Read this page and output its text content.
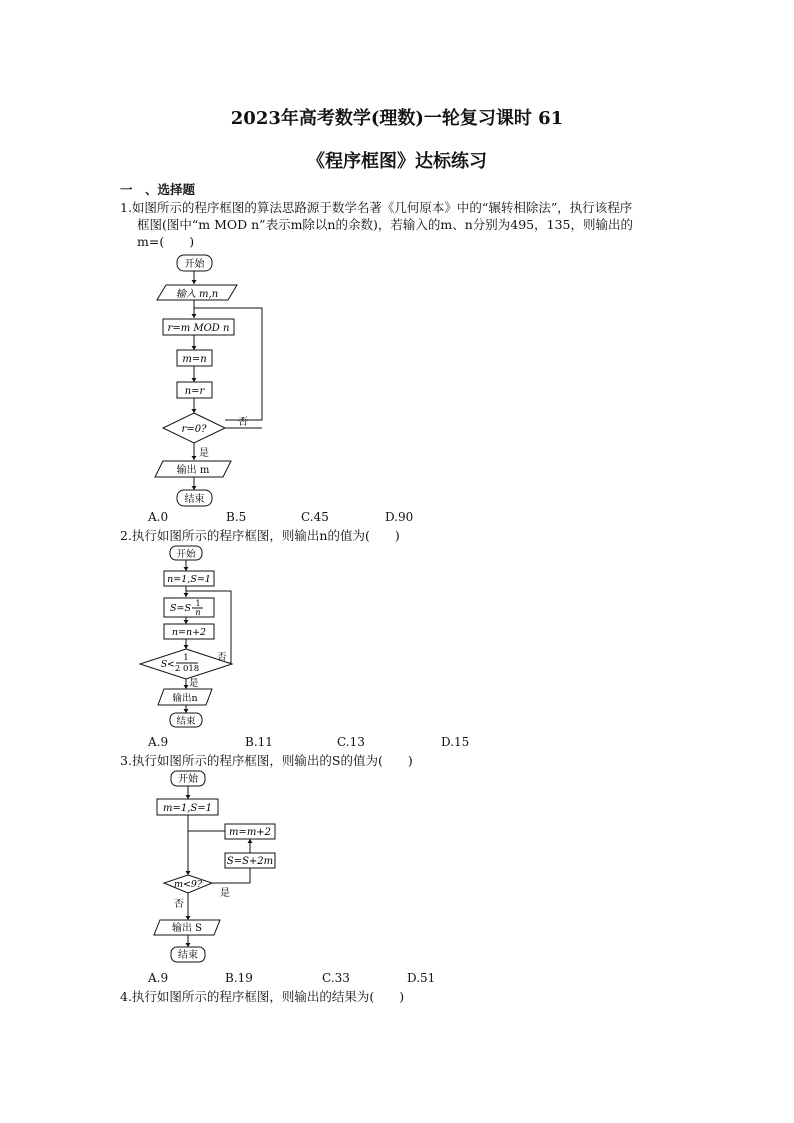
2023年高考数学(理数)一轮复习课时 61
《程序框图》达标练习
一　、选择题
1.如图所示的程序框图的算法思路源于数学名著《几何原本》中的“辗转相除法”，执行该程序
框图(图中“m MOD n”表示m除以n的余数)，若输入的m、n分别为495，135，则输出的
m=(　　)
开始
输入 m,n
r=m MOD n
m=n
n=r
r=0?
否
是
输出 m
结束
A.0	B.5	C.45	D.90
2.执行如图所示的程序框图，则输出n的值为(　　)
开始
n=1,S=1
S=S· 1
n
n=n+2
S<
1
2 018
否
是
输出n
结束
A.9	B.11	C.13	D.15
3.执行如图所示的程序框图，则输出的S的值为(　　)
开始
m=1,S=1
m=m+2
S=S+2m
是
m<9?
否
输出 S
结束
A.9	B.19	C.33	D.51
4.执行如图所示的程序框图，则输出的结果为(　　)
